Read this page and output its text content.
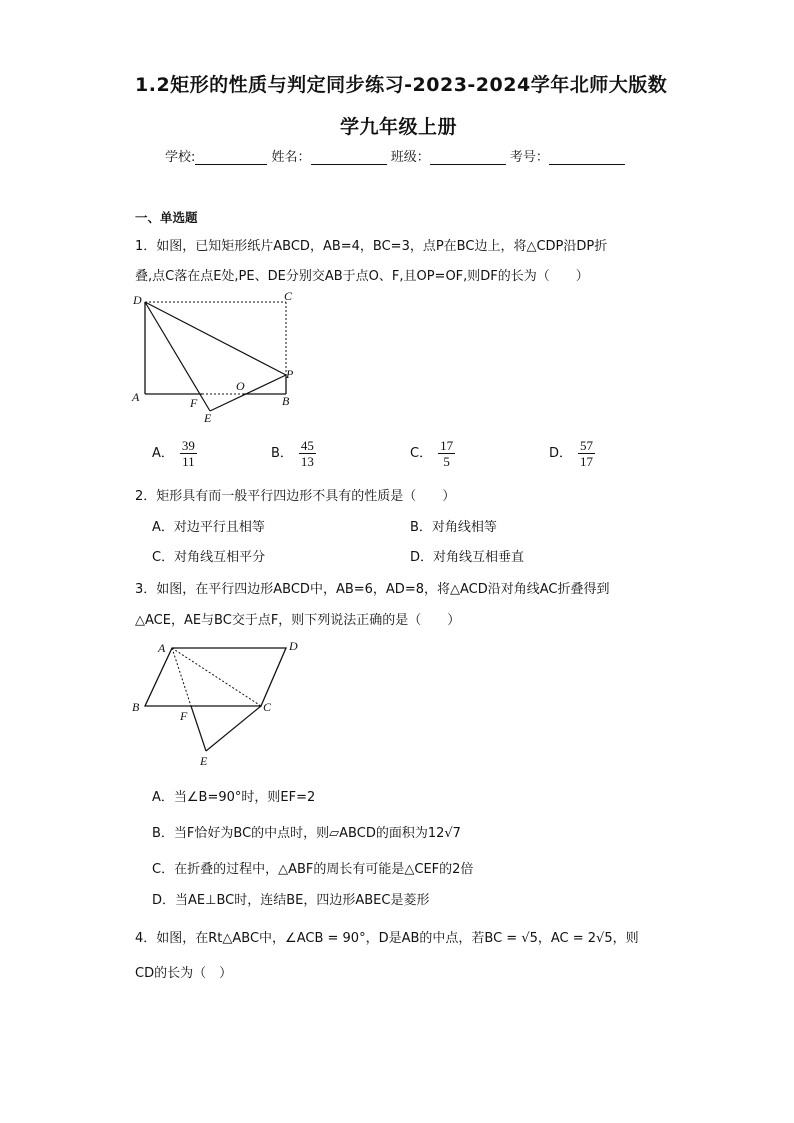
1.2矩形的性质与判定同步练习-2023-2024学年北师大版数
学九年级上册
学校:	姓名：	班级：	考号：
一、单选题
1．如图，已知矩形纸片ABCD，AB=4，BC=3，点P在BC边上，将△CDP沿DP折
叠,点C落在点E处,PE、DE分别交AB于点O、F,且OP=OF,则DF的长为（　　）
D	C
P
O
A	F	B
E
A． $\frac{39}{11}$	B． $\frac{45}{13}$	C． $\frac{17}{5}$	D． $\frac{57}{17}$
2．矩形具有而一般平行四边形不具有的性质是（　　）
A．对边平行且相等	B．对角线相等
C．对角线互相平分	D．对角线互相垂直
3．如图，在平行四边形ABCD中，AB=6，AD=8，将△ACD沿对角线AC折叠得到
△ACE，AE与BC交于点F，则下列说法正确的是（　　）
A	D
B
F
C
E
A．当∠B=90°时，则EF=2
B．当F恰好为BC的中点时，则▱ABCD的面积为12√7
C．在折叠的过程中，△ABF的周长有可能是△CEF的2倍
D．当AE⊥BC时，连结BE，四边形ABEC是菱形
4．如图，在Rt△ABC中，∠ACB = 90°，D是AB的中点，若BC = √5，AC = 2√5，则
CD的长为（　）
